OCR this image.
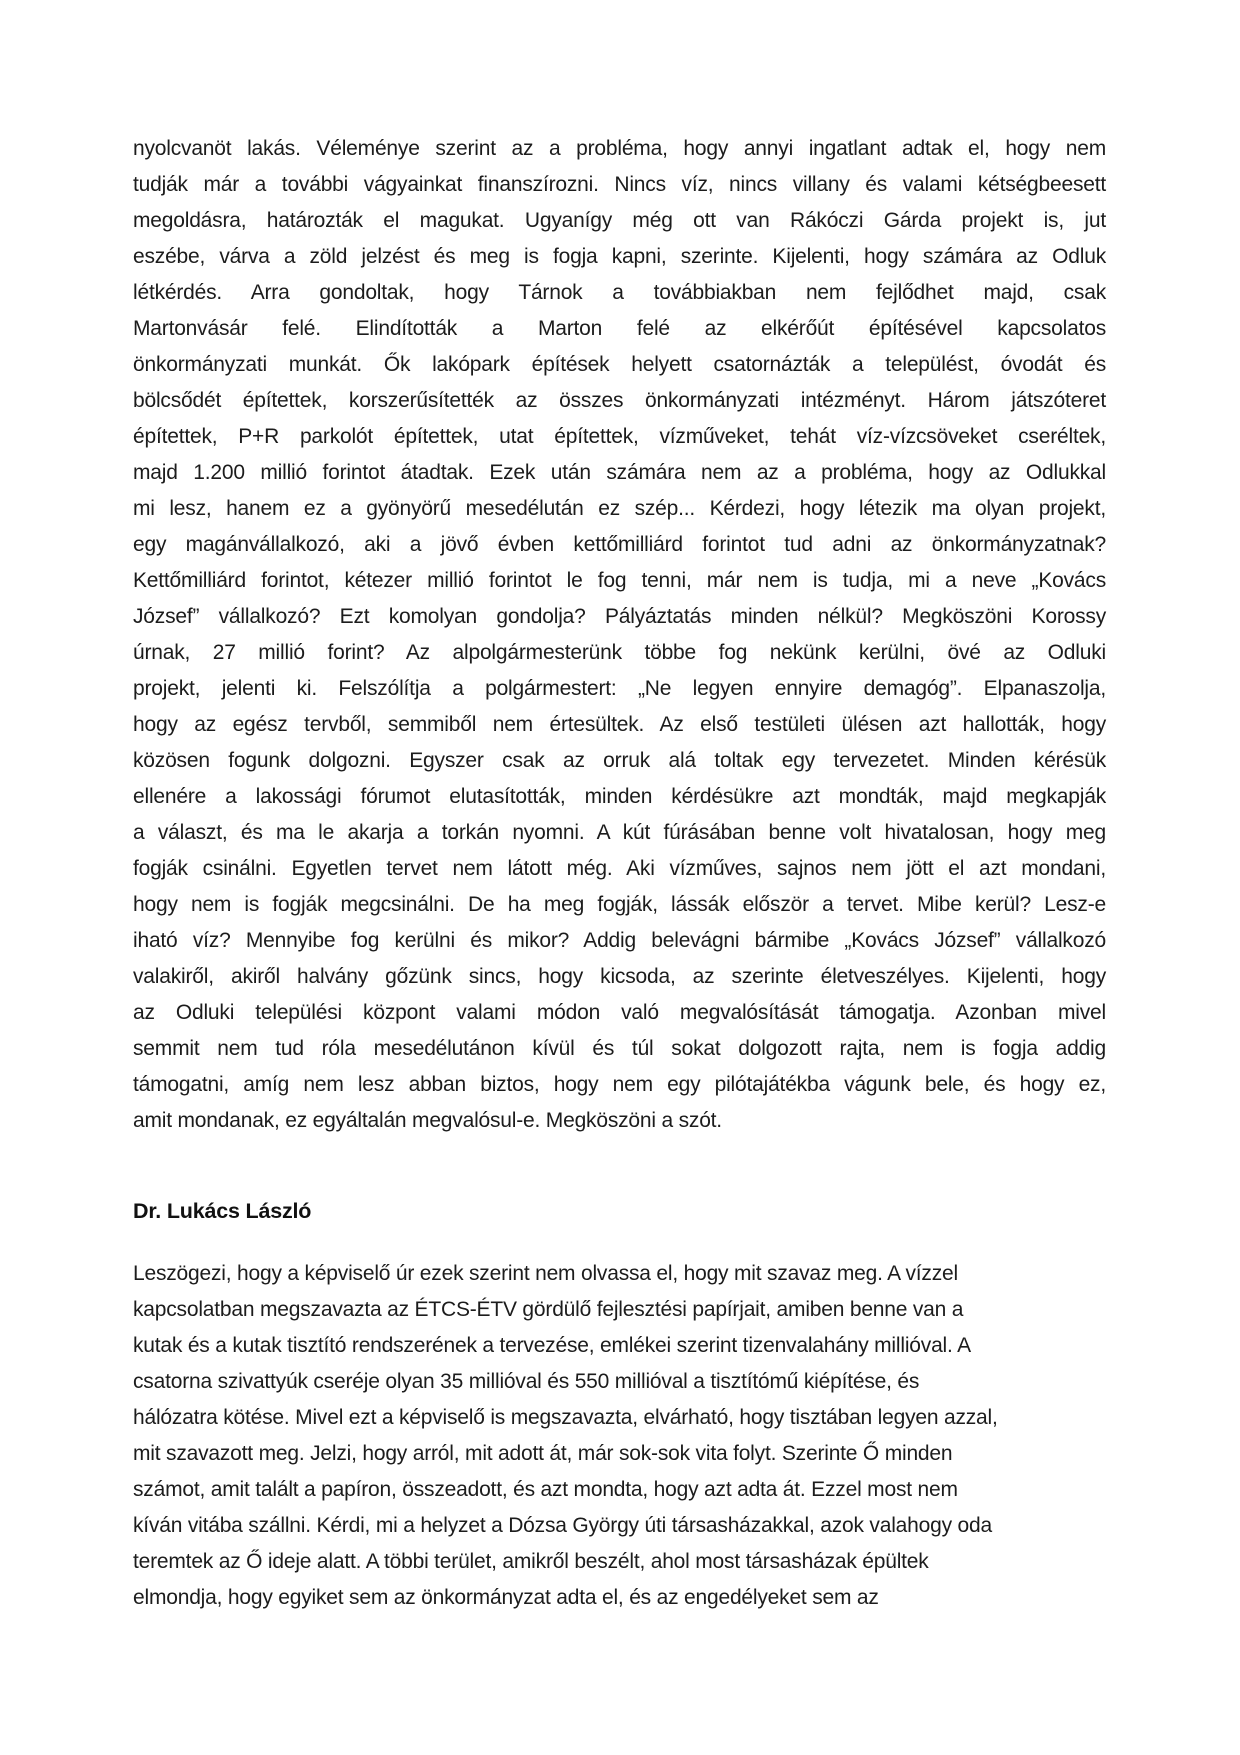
nyolcvanöt lakás. Véleménye szerint az a probléma, hogy annyi ingatlant adtak el, hogy nem
tudják már a további vágyainkat finanszírozni. Nincs víz, nincs villany és valami kétségbeesett
megoldásra, határozták el magukat. Ugyanígy még ott van Rákóczi Gárda projekt is, jut
eszébe, várva a zöld jelzést és meg is fogja kapni, szerinte. Kijelenti, hogy számára az Odluk
létkérdés. Arra gondoltak, hogy Tárnok a továbbiakban nem fejlődhet majd, csak
Martonvásár felé. Elindították a Marton felé az elkérőút építésével kapcsolatos
önkormányzati munkát. Ők lakópark építések helyett csatornázták a települést, óvodát és
bölcsődét építettek, korszerűsítették az összes önkormányzati intézményt. Három játszóteret
építettek, P+R parkolót építettek, utat építettek, vízműveket, tehát víz-vízcsöveket cseréltek,
majd 1.200 millió forintot átadtak. Ezek után számára nem az a probléma, hogy az Odlukkal
mi lesz, hanem ez a gyönyörű mesedélután ez szép... Kérdezi, hogy létezik ma olyan projekt,
egy magánvállalkozó, aki a jövő évben kettőmilliárd forintot tud adni az önkormányzatnak?
Kettőmilliárd forintot, kétezer millió forintot le fog tenni, már nem is tudja, mi a neve „Kovács
József” vállalkozó? Ezt komolyan gondolja? Pályáztatás minden nélkül? Megköszöni Korossy
úrnak, 27 millió forint? Az alpolgármesterünk többe fog nekünk kerülni, övé az Odluki
projekt, jelenti ki. Felszólítja a polgármestert: „Ne legyen ennyire demagóg”. Elpanaszolja,
hogy az egész tervből, semmiből nem értesültek. Az első testületi ülésen azt hallották, hogy
közösen fogunk dolgozni. Egyszer csak az orruk alá toltak egy tervezetet. Minden kérésük
ellenére a lakossági fórumot elutasították, minden kérdésükre azt mondták, majd megkapják
a választ, és ma le akarja a torkán nyomni. A kút fúrásában benne volt hivatalosan, hogy meg
fogják csinálni. Egyetlen tervet nem látott még. Aki vízműves, sajnos nem jött el azt mondani,
hogy nem is fogják megcsinálni. De ha meg fogják, lássák először a tervet. Mibe kerül? Lesz-e
iható víz? Mennyibe fog kerülni és mikor? Addig belevágni bármibe „Kovács József” vállalkozó
valakiről, akiről halvány gőzünk sincs, hogy kicsoda, az szerinte életveszélyes. Kijelenti, hogy
az Odluki települési központ valami módon való megvalósítását támogatja. Azonban mivel
semmit nem tud róla mesedélutánon kívül és túl sokat dolgozott rajta, nem is fogja addig
támogatni, amíg nem lesz abban biztos, hogy nem egy pilótajátékba vágunk bele, és hogy ez,
amit mondanak, ez egyáltalán megvalósul-e. Megköszöni a szót.
Dr. Lukács László
Leszögezi, hogy a képviselő úr ezek szerint nem olvassa el, hogy mit szavaz meg. A vízzel
kapcsolatban megszavazta az ÉTCS-ÉTV gördülő fejlesztési papírjait, amiben benne van a
kutak és a kutak tisztító rendszerének a tervezése, emlékei szerint tizenvalahány millióval. A
csatorna szivattyúk cseréje olyan 35 millióval és 550 millióval a tisztítómű kiépítése, és
hálózatra kötése. Mivel ezt a képviselő is megszavazta, elvárható, hogy tisztában legyen azzal,
mit szavazott meg. Jelzi, hogy arról, mit adott át, már sok-sok vita folyt. Szerinte Ő minden
számot, amit talált a papíron, összeadott, és azt mondta, hogy azt adta át. Ezzel most nem
kíván vitába szállni. Kérdi, mi a helyzet a Dózsa György úti társasházakkal, azok valahogy oda
teremtek az Ő ideje alatt. A többi terület, amikről beszélt, ahol most társasházak épültek
elmondja, hogy egyiket sem az önkormányzat adta el, és az engedélyeket sem az
